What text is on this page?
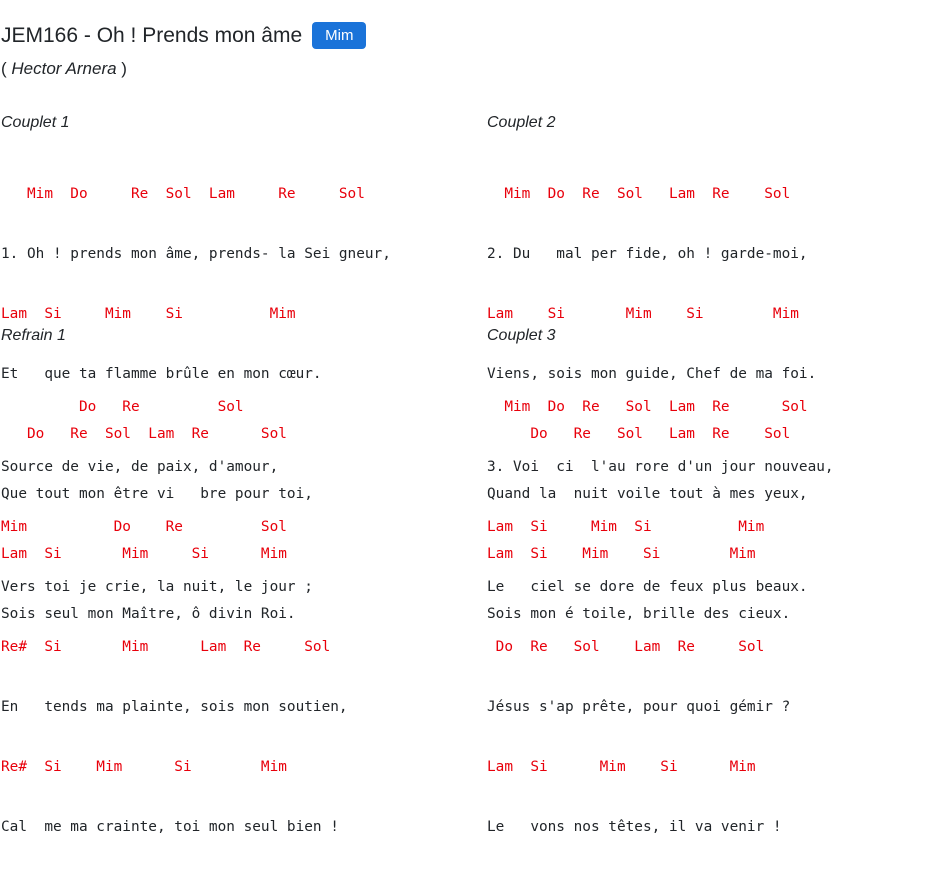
JEM166 - Oh ! Prends mon âme Mim
( Hector Arnera )
Couplet 1

Mim  Do     Re  Sol  Lam     Re     Sol

1. Oh ! prends mon âme, prends- la Sei gneur,

Lam  Si     Mim    Si          Mim

Et   que ta flamme brûle en mon cœur.

Do   Re  Sol  Lam  Re      Sol

Que tout mon être vi   bre pour toi,

Lam  Si       Mim     Si      Mim

Sois seul mon Maître, ô divin Roi.

Couplet 2

Mim  Do  Re  Sol   Lam  Re    Sol

2. Du   mal per fide, oh ! garde-moi,

Lam    Si       Mim    Si        Mim

Viens, sois mon guide, Chef de ma foi.

Do   Re   Sol   Lam  Re    Sol

Quand la  nuit voile tout à mes yeux,

Lam  Si    Mim    Si        Mim

Sois mon é toile, brille des cieux.

Refrain 1

Do   Re         Sol

Source de vie, de paix, d'amour,

Mim          Do    Re         Sol

Vers toi je crie, la nuit, le jour ;

Re#  Si       Mim      Lam  Re     Sol

En   tends ma plainte, sois mon soutien,

Re#  Si    Mim      Si        Mim

Cal  me ma crainte, toi mon seul bien !

Couplet 3

Mim  Do  Re   Sol  Lam  Re      Sol

3. Voi  ci  l'au rore d'un jour nouveau,

Lam  Si     Mim  Si          Mim

Le   ciel se dore de feux plus beaux.

Do  Re   Sol    Lam  Re     Sol

Jésus s'ap prête, pour quoi gémir ?

Lam  Si      Mim    Si      Mim

Le   vons nos têtes, il va venir !
